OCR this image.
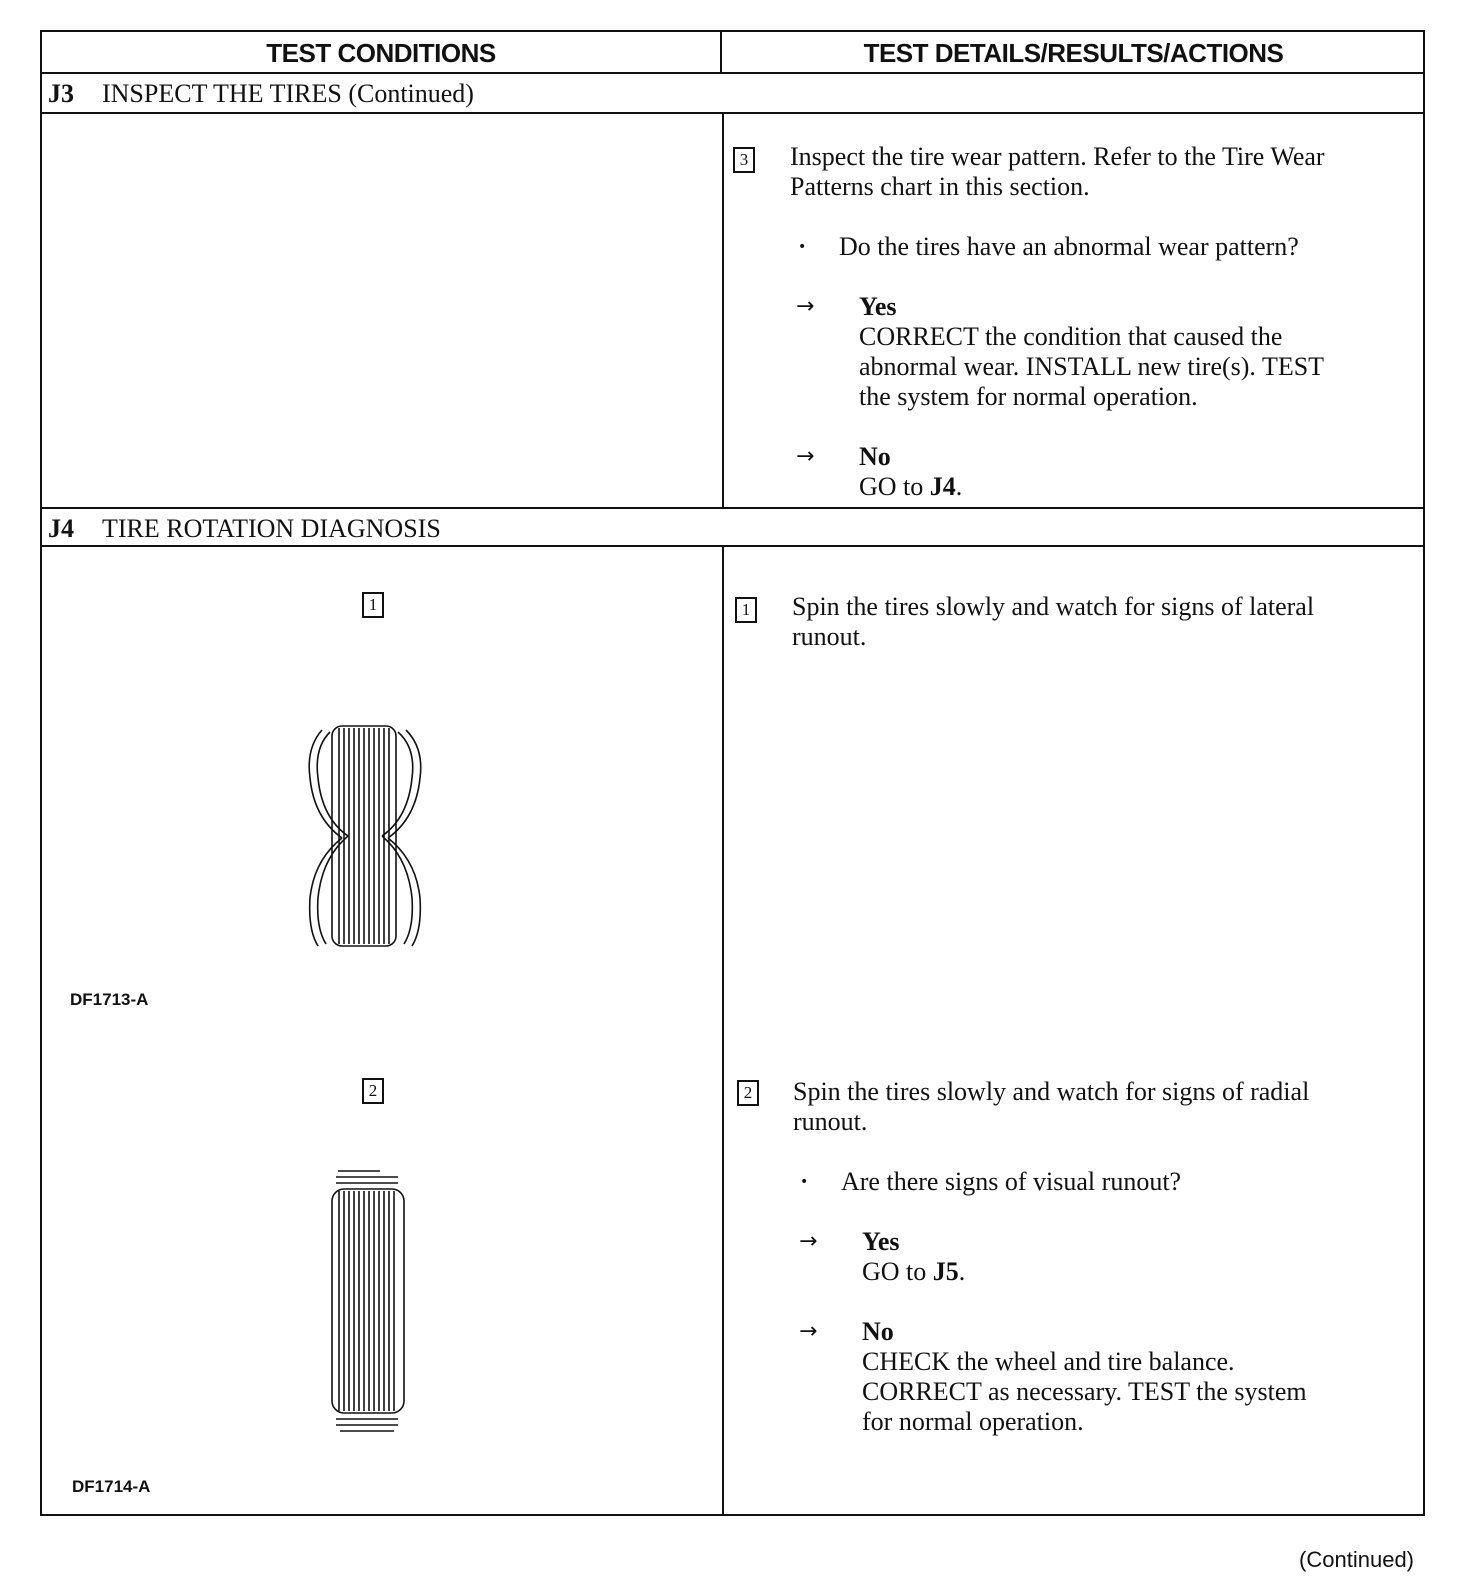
TEST CONDITIONS	TEST DETAILS/RESULTS/ACTIONS
J3 INSPECT THE TIRES (Continued)
3 Inspect the tire wear pattern. Refer to the Tire Wear
Patterns chart in this section.
• Do the tires have an abnormal wear pattern?
→ Yes
CORRECT the condition that caused the
abnormal wear. INSTALL new tire(s). TEST
the system for normal operation.
→ No
GO to J4.
J4 TIRE ROTATION DIAGNOSIS
1
DF1713-A
1 Spin the tires slowly and watch for signs of lateral
runout.
2
DF1714-A
2 Spin the tires slowly and watch for signs of radial
runout.
• Are there signs of visual runout?
→ Yes
GO to J5.
→ No
CHECK the wheel and tire balance.
CORRECT as necessary. TEST the system
for normal operation.
(Continued)
